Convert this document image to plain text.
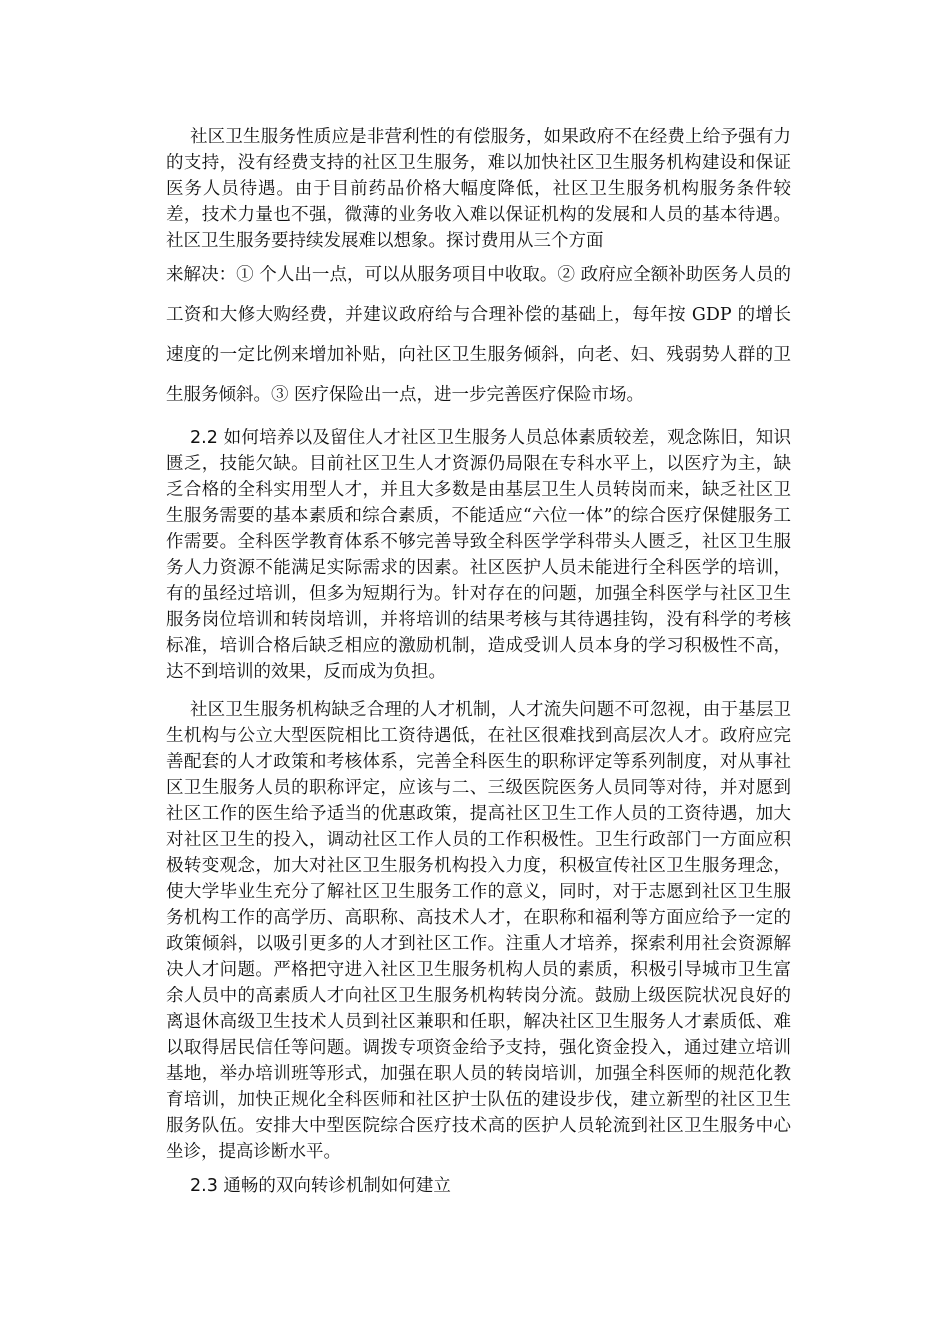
社区卫生服务性质应是非营利性的有偿服务，如果政府不在经费上给予强有力的支持，没有经费支持的社区卫生服务，难以加快社区卫生服务机构建设和保证医务人员待遇。由于目前药品价格大幅度降低，社区卫生服务机构服务条件较差，技术力量也不强，微薄的业务收入难以保证机构的发展和人员的基本待遇。社区卫生服务要持续发展难以想象。探讨费用从三个方面

来解决：① 个人出一点，可以从服务项目中收取。② 政府应全额补助医务人员的工资和大修大购经费，并建议政府给与合理补偿的基础上，每年按 GDP 的增长速度的一定比例来增加补贴，向社区卫生服务倾斜，向老、妇、残弱势人群的卫生服务倾斜。③ 医疗保险出一点，进一步完善医疗保险市场。

2.2 如何培养以及留住人才社区卫生服务人员总体素质较差，观念陈旧，知识匮乏，技能欠缺。目前社区卫生人才资源仍局限在专科水平上，以医疗为主，缺乏合格的全科实用型人才，并且大多数是由基层卫生人员转岗而来，缺乏社区卫生服务需要的基本素质和综合素质，不能适应“六位一体”的综合医疗保健服务工作需要。全科医学教育体系不够完善导致全科医学学科带头人匮乏，社区卫生服务人力资源不能满足实际需求的因素。社区医护人员未能进行全科医学的培训，有的虽经过培训，但多为短期行为。针对存在的问题，加强全科医学与社区卫生服务岗位培训和转岗培训，并将培训的结果考核与其待遇挂钩，没有科学的考核标准，培训合格后缺乏相应的激励机制，造成受训人员本身的学习积极性不高，达不到培训的效果，反而成为负担。

社区卫生服务机构缺乏合理的人才机制，人才流失问题不可忽视，由于基层卫生机构与公立大型医院相比工资待遇低，在社区很难找到高层次人才。政府应完善配套的人才政策和考核体系，完善全科医生的职称评定等系列制度，对从事社区卫生服务人员的职称评定，应该与二、三级医院医务人员同等对待，并对愿到社区工作的医生给予适当的优惠政策，提高社区卫生工作人员的工资待遇，加大对社区卫生的投入，调动社区工作人员的工作积极性。卫生行政部门一方面应积极转变观念，加大对社区卫生服务机构投入力度，积极宣传社区卫生服务理念，使大学毕业生充分了解社区卫生服务工作的意义，同时，对于志愿到社区卫生服务机构工作的高学历、高职称、高技术人才，在职称和福利等方面应给予一定的政策倾斜，以吸引更多的人才到社区工作。注重人才培养，探索利用社会资源解决人才问题。严格把守进入社区卫生服务机构人员的素质，积极引导城市卫生富余人员中的高素质人才向社区卫生服务机构转岗分流。鼓励上级医院状况良好的离退休高级卫生技术人员到社区兼职和任职，解决社区卫生服务人才素质低、难以取得居民信任等问题。调拨专项资金给予支持，强化资金投入，通过建立培训基地，举办培训班等形式，加强在职人员的转岗培训，加强全科医师的规范化教育培训，加快正规化全科医师和社区护士队伍的建设步伐，建立新型的社区卫生服务队伍。安排大中型医院综合医疗技术高的医护人员轮流到社区卫生服务中心坐诊，提高诊断水平。

2.3 通畅的双向转诊机制如何建立
